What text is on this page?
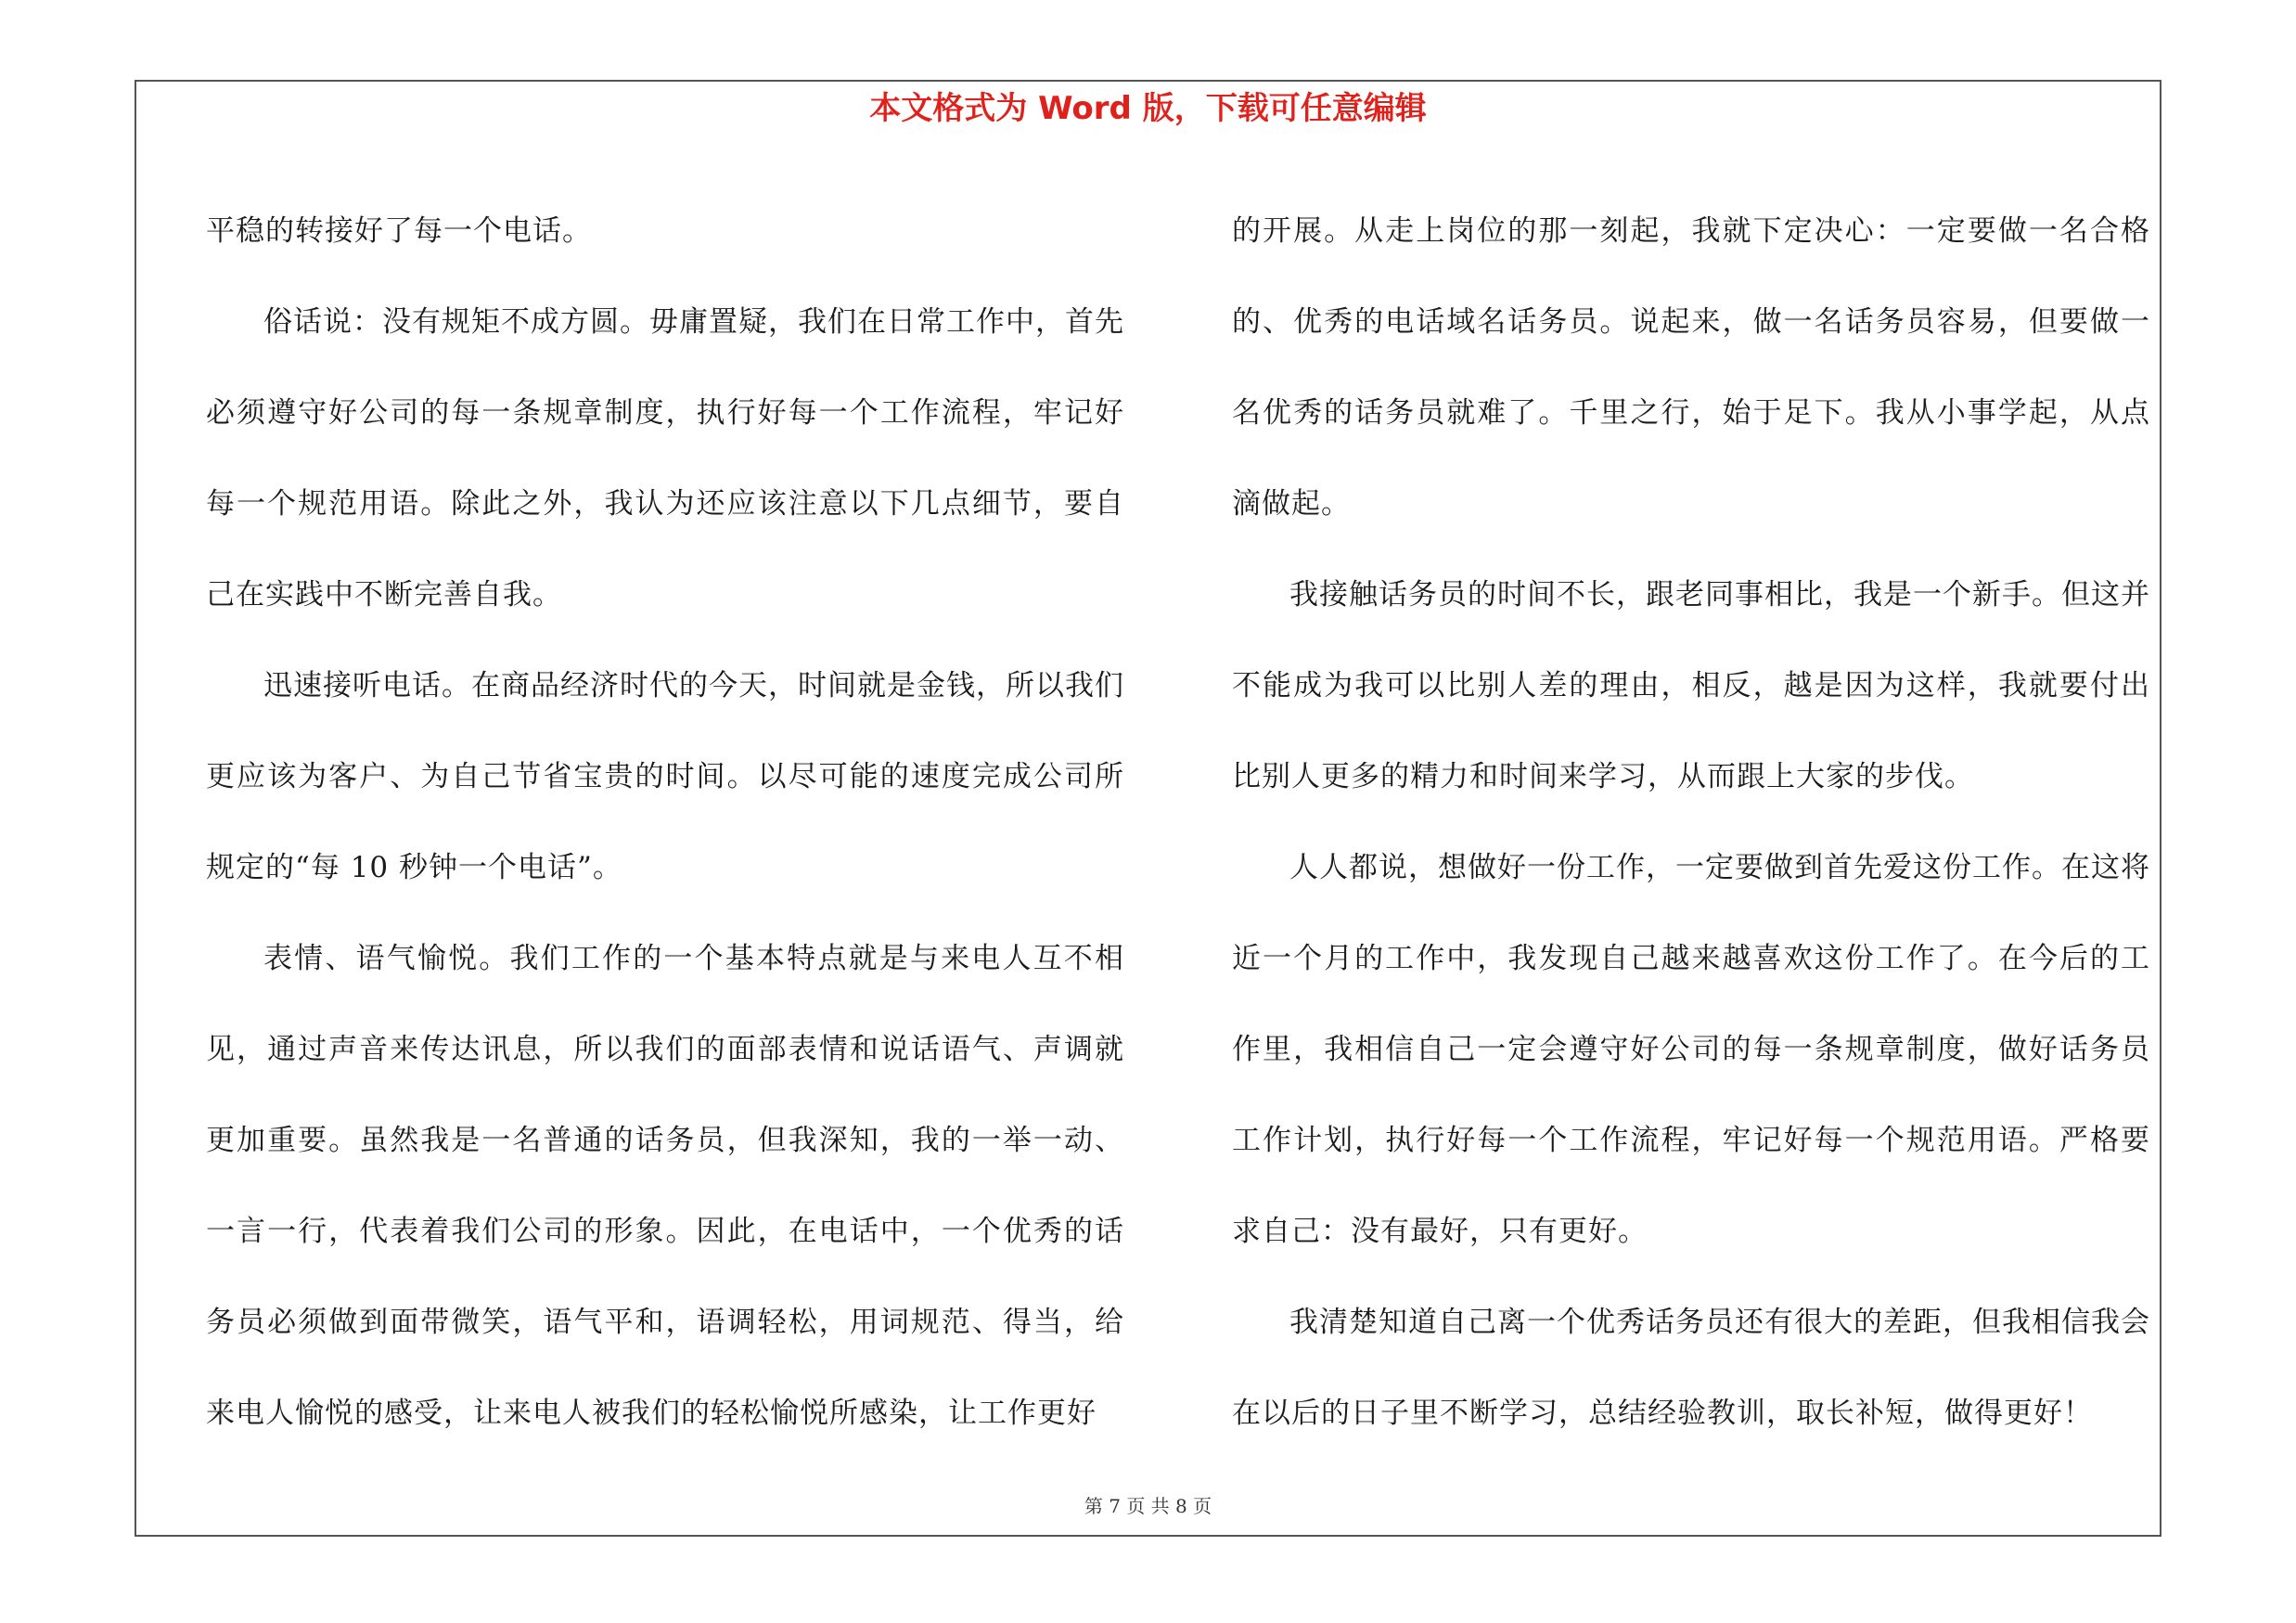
本文格式为 Word 版，下载可任意编辑

平稳的转接好了每一个电话。

俗话说：没有规矩不成方圆。毋庸置疑，我们在日常工作中，首先必须遵守好公司的每一条规章制度，执行好每一个工作流程，牢记好每一个规范用语。除此之外，我认为还应该注意以下几点细节，要自己在实践中不断完善自我。

迅速接听电话。在商品经济时代的今天，时间就是金钱，所以我们更应该为客户、为自己节省宝贵的时间。以尽可能的速度完成公司所规定的“每 10 秒钟一个电话”。

表情、语气愉悦。我们工作的一个基本特点就是与来电人互不相见，通过声音来传达讯息，所以我们的面部表情和说话语气、声调就更加重要。虽然我是一名普通的话务员，但我深知，我的一举一动、一言一行，代表着我们公司的形象。因此，在电话中，一个优秀的话务员必须做到面带微笑，语气平和，语调轻松，用词规范、得当，给来电人愉悦的感受，让来电人被我们的轻松愉悦所感染，让工作更好

的开展。从走上岗位的那一刻起，我就下定决心：一定要做一名合格的、优秀的电话域名话务员。说起来，做一名话务员容易，但要做一名优秀的话务员就难了。千里之行，始于足下。我从小事学起，从点滴做起。

我接触话务员的时间不长，跟老同事相比，我是一个新手。但这并不能成为我可以比别人差的理由，相反，越是因为这样，我就要付出比别人更多的精力和时间来学习，从而跟上大家的步伐。

人人都说，想做好一份工作，一定要做到首先爱这份工作。在这将近一个月的工作中，我发现自己越来越喜欢这份工作了。在今后的工作里，我相信自己一定会遵守好公司的每一条规章制度，做好话务员工作计划，执行好每一个工作流程，牢记好每一个规范用语。严格要求自己：没有最好，只有更好。

我清楚知道自己离一个优秀话务员还有很大的差距，但我相信我会在以后的日子里不断学习，总结经验教训，取长补短，做得更好！

第 7 页 共 8 页
